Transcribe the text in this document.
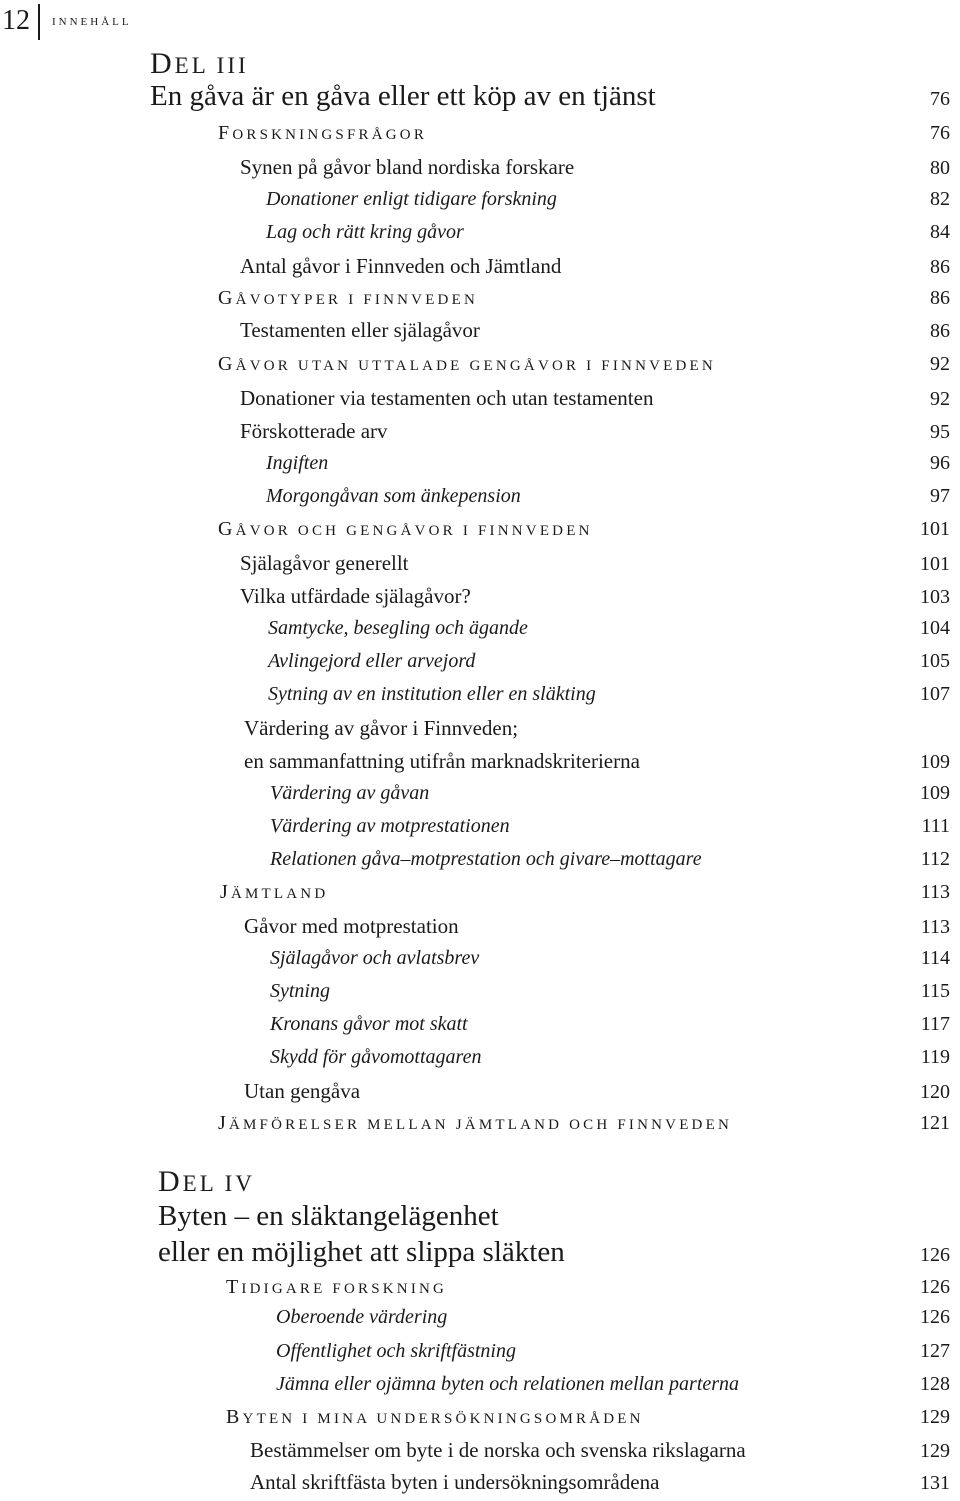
12 INNEHÅLL
DEL III
En gåva är en gåva eller ett köp av en tjänst	76
FORSKNINGSFRÅGOR	76
Synen på gåvor bland nordiska forskare	80
Donationer enligt tidigare forskning	82
Lag och rätt kring gåvor	84
Antal gåvor i Finnveden och Jämtland	86
GÅVOTYPER I FINNVEDEN	86
Testamenten eller själagåvor	86
GÅVOR UTAN UTTALADE GENGÅVOR I FINNVEDEN	92
Donationer via testamenten och utan testamenten	92
Förskotterade arv	95
Ingiften	96
Morgongåvan som änkepension	97
GÅVOR OCH GENGÅVOR I FINNVEDEN	101
Själagåvor generellt	101
Vilka utfärdade själagåvor?	103
Samtycke, besegling och ägande	104
Avlingejord eller arvejord	105
Sytning av en institution eller en släkting	107
Värdering av gåvor i Finnveden;
en sammanfattning utifrån marknadskriterierna	109
Värdering av gåvan	109
Värdering av motprestationen	111
Relationen gåva–motprestation och givare–mottagare	112
JÄMTLAND	113
Gåvor med motprestation	113
Själagåvor och avlatsbrev	114
Sytning	115
Kronans gåvor mot skatt	117
Skydd för gåvomottagaren	119
Utan gengåva	120
JÄMFÖRELSER MELLAN JÄMTLAND OCH FINNVEDEN	121
DEL IV
Byten – en släktangelägenhet
eller en möjlighet att slippa släkten	126
TIDIGARE FORSKNING	126
Oberoende värdering	126
Offentlighet och skriftfästning	127
Jämna eller ojämna byten och relationen mellan parterna	128
BYTEN I MINA UNDERSÖKNINGSOMRÅDEN	129
Bestämmelser om byte i de norska och svenska rikslagarna	129
Antal skriftfästa byten i undersökningsområdena	131
